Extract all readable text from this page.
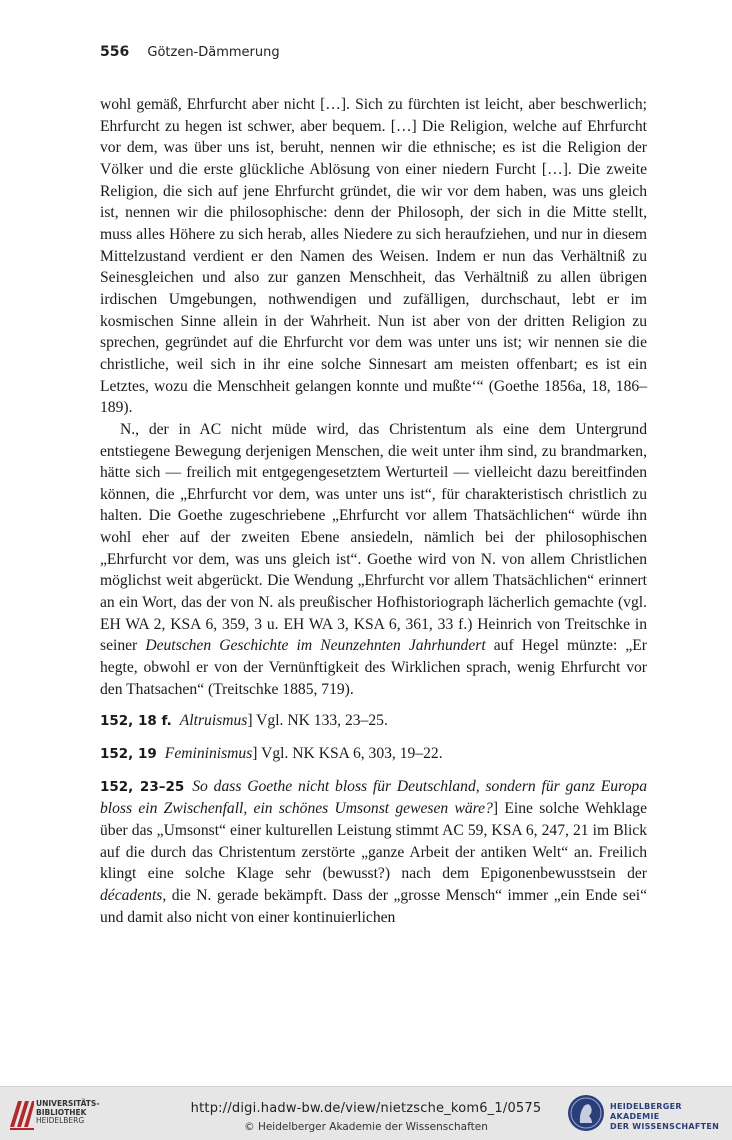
556 Götzen-Dämmerung

wohl gemäß, Ehrfurcht aber nicht […]. Sich zu fürchten ist leicht, aber beschwerlich; Ehrfurcht zu hegen ist schwer, aber bequem. […] Die Religion, welche auf Ehrfurcht vor dem, was über uns ist, beruht, nennen wir die ethnische; es ist die Religion der Völker und die erste glückliche Ablösung von einer niedern Furcht […]. Die zweite Religion, die sich auf jene Ehrfurcht gründet, die wir vor dem haben, was uns gleich ist, nennen wir die philosophische: denn der Philosoph, der sich in die Mitte stellt, muss alles Höhere zu sich herab, alles Niedere zu sich heraufziehen, und nur in diesem Mittelzustand verdient er den Namen des Weisen. Indem er nun das Verhältniß zu Seinesgleichen und also zur ganzen Menschheit, das Verhältniß zu allen übrigen irdischen Umgebungen, nothwendigen und zufälligen, durchschaut, lebt er im kosmischen Sinne allein in der Wahrheit. Nun ist aber von der dritten Religion zu sprechen, gegründet auf die Ehrfurcht vor dem was unter uns ist; wir nennen sie die christliche, weil sich in ihr eine solche Sinnesart am meisten offenbart; es ist ein Letztes, wozu die Menschheit gelangen konnte und mußte‘“ (Goethe 1856a, 18, 186–189).

N., der in AC nicht müde wird, das Christentum als eine dem Untergrund entstiegene Bewegung derjenigen Menschen, die weit unter ihm sind, zu brandmarken, hätte sich — freilich mit entgegengesetztem Werturteil — vielleicht dazu bereitfinden können, die „Ehrfurcht vor dem, was unter uns ist“, für charakteristisch christlich zu halten. Die Goethe zugeschriebene „Ehrfurcht vor allem Thatsächlichen“ würde ihn wohl eher auf der zweiten Ebene ansiedeln, nämlich bei der philosophischen „Ehrfurcht vor dem, was uns gleich ist“. Goethe wird von N. von allem Christlichen möglichst weit abgerückt. Die Wendung „Ehrfurcht vor allem Thatsächlichen“ erinnert an ein Wort, das der von N. als preußischer Hofhistoriograph lächerlich gemachte (vgl. EH WA 2, KSA 6, 359, 3 u. EH WA 3, KSA 6, 361, 33 f.) Heinrich von Treitschke in seiner Deutschen Geschichte im Neunzehnten Jahrhundert auf Hegel münzte: „Er hegte, obwohl er von der Vernünftigkeit des Wirklichen sprach, wenig Ehrfurcht vor den Thatsachen“ (Treitschke 1885, 719).

152, 18 f. Altruismus] Vgl. NK 133, 23–25.

152, 19 Femininismus] Vgl. NK KSA 6, 303, 19–22.

152, 23–25 So dass Goethe nicht bloss für Deutschland, sondern für ganz Europa bloss ein Zwischenfall, ein schönes Umsonst gewesen wäre?] Eine solche Wehklage über das „Umsonst“ einer kulturellen Leistung stimmt AC 59, KSA 6, 247, 21 im Blick auf die durch das Christentum zerstörte „ganze Arbeit der antiken Welt“ an. Freilich klingt eine solche Klage sehr (bewusst?) nach dem Epigonenbewusstsein der décadents, die N. gerade bekämpft. Dass der „grosse Mensch“ immer „ein Ende sei“ und damit also nicht von einer kontinuierlichen

UNIVERSITÄTS-
BIBLIOTHEK
HEIDELBERG
http://digi.hadw-bw.de/view/nietzsche_kom6_1/0575
© Heidelberger Akademie der Wissenschaften
HEIDELBERGER AKADEMIE
DER WISSENSCHAFTEN
